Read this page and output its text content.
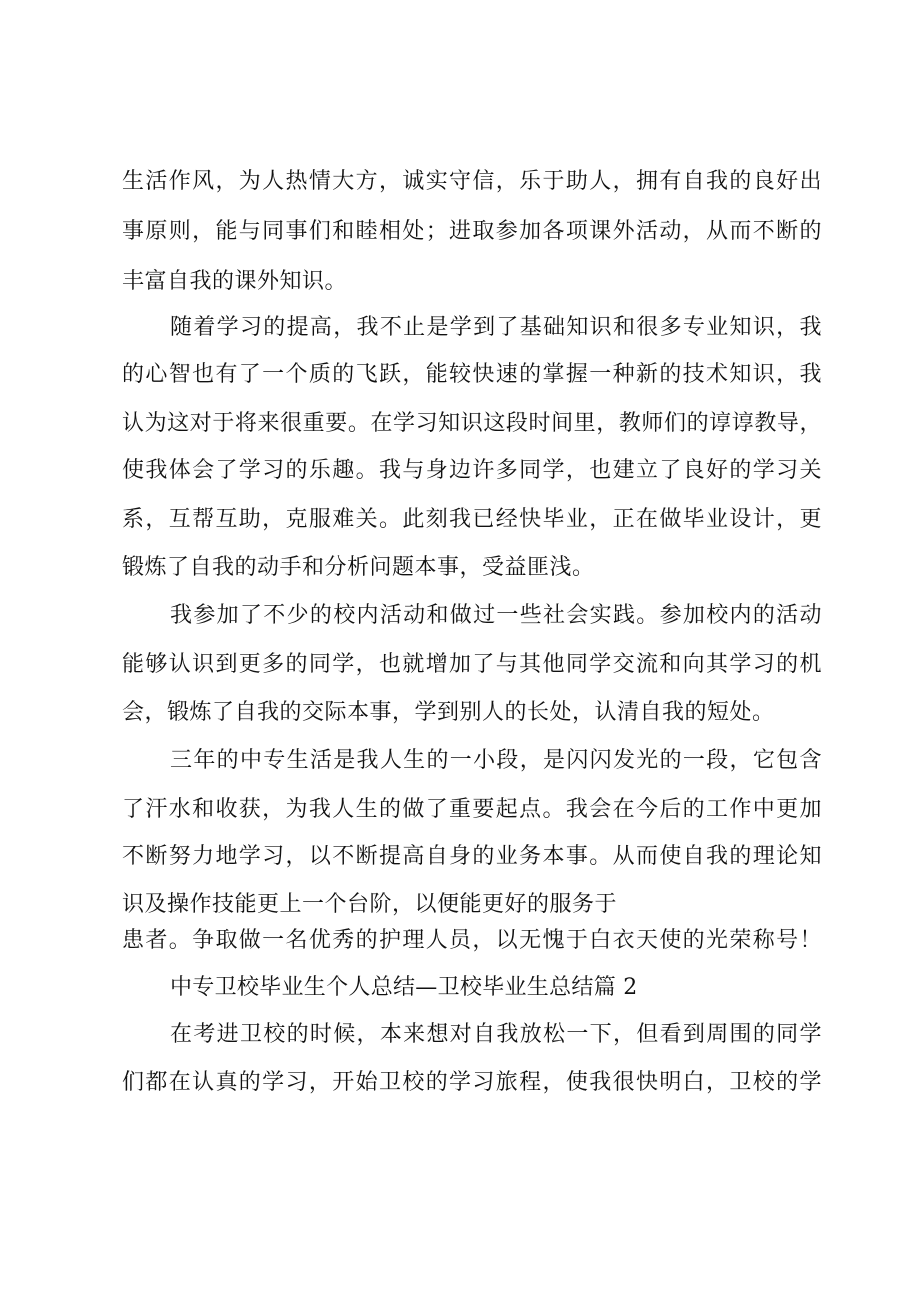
生活作风，为人热情大方，诚实守信，乐于助人，拥有自我的良好出
事原则，能与同事们和睦相处；进取参加各项课外活动，从而不断的
丰富自我的课外知识。
随着学习的提高，我不止是学到了基础知识和很多专业知识，我
的心智也有了一个质的飞跃，能较快速的掌握一种新的技术知识，我
认为这对于将来很重要。在学习知识这段时间里，教师们的谆谆教导，
使我体会了学习的乐趣。我与身边许多同学，也建立了良好的学习关
系，互帮互助，克服难关。此刻我已经快毕业，正在做毕业设计，更
锻炼了自我的动手和分析问题本事，受益匪浅。
我参加了不少的校内活动和做过一些社会实践。参加校内的活动
能够认识到更多的同学，也就增加了与其他同学交流和向其学习的机
会，锻炼了自我的交际本事，学到别人的长处，认清自我的短处。
三年的中专生活是我人生的一小段，是闪闪发光的一段，它包含
了汗水和收获，为我人生的做了重要起点。我会在今后的工作中更加
不断努力地学习，以不断提高自身的业务本事。从而使自我的理论知
识及操作技能更上一个台阶，以便能更好的服务于
患者。争取做一名优秀的护理人员，以无愧于白衣天使的光荣称号！
中专卫校毕业生个人总结—卫校毕业生总结篇 2
在考进卫校的时候，本来想对自我放松一下，但看到周围的同学
们都在认真的学习，开始卫校的学习旅程，使我很快明白，卫校的学
